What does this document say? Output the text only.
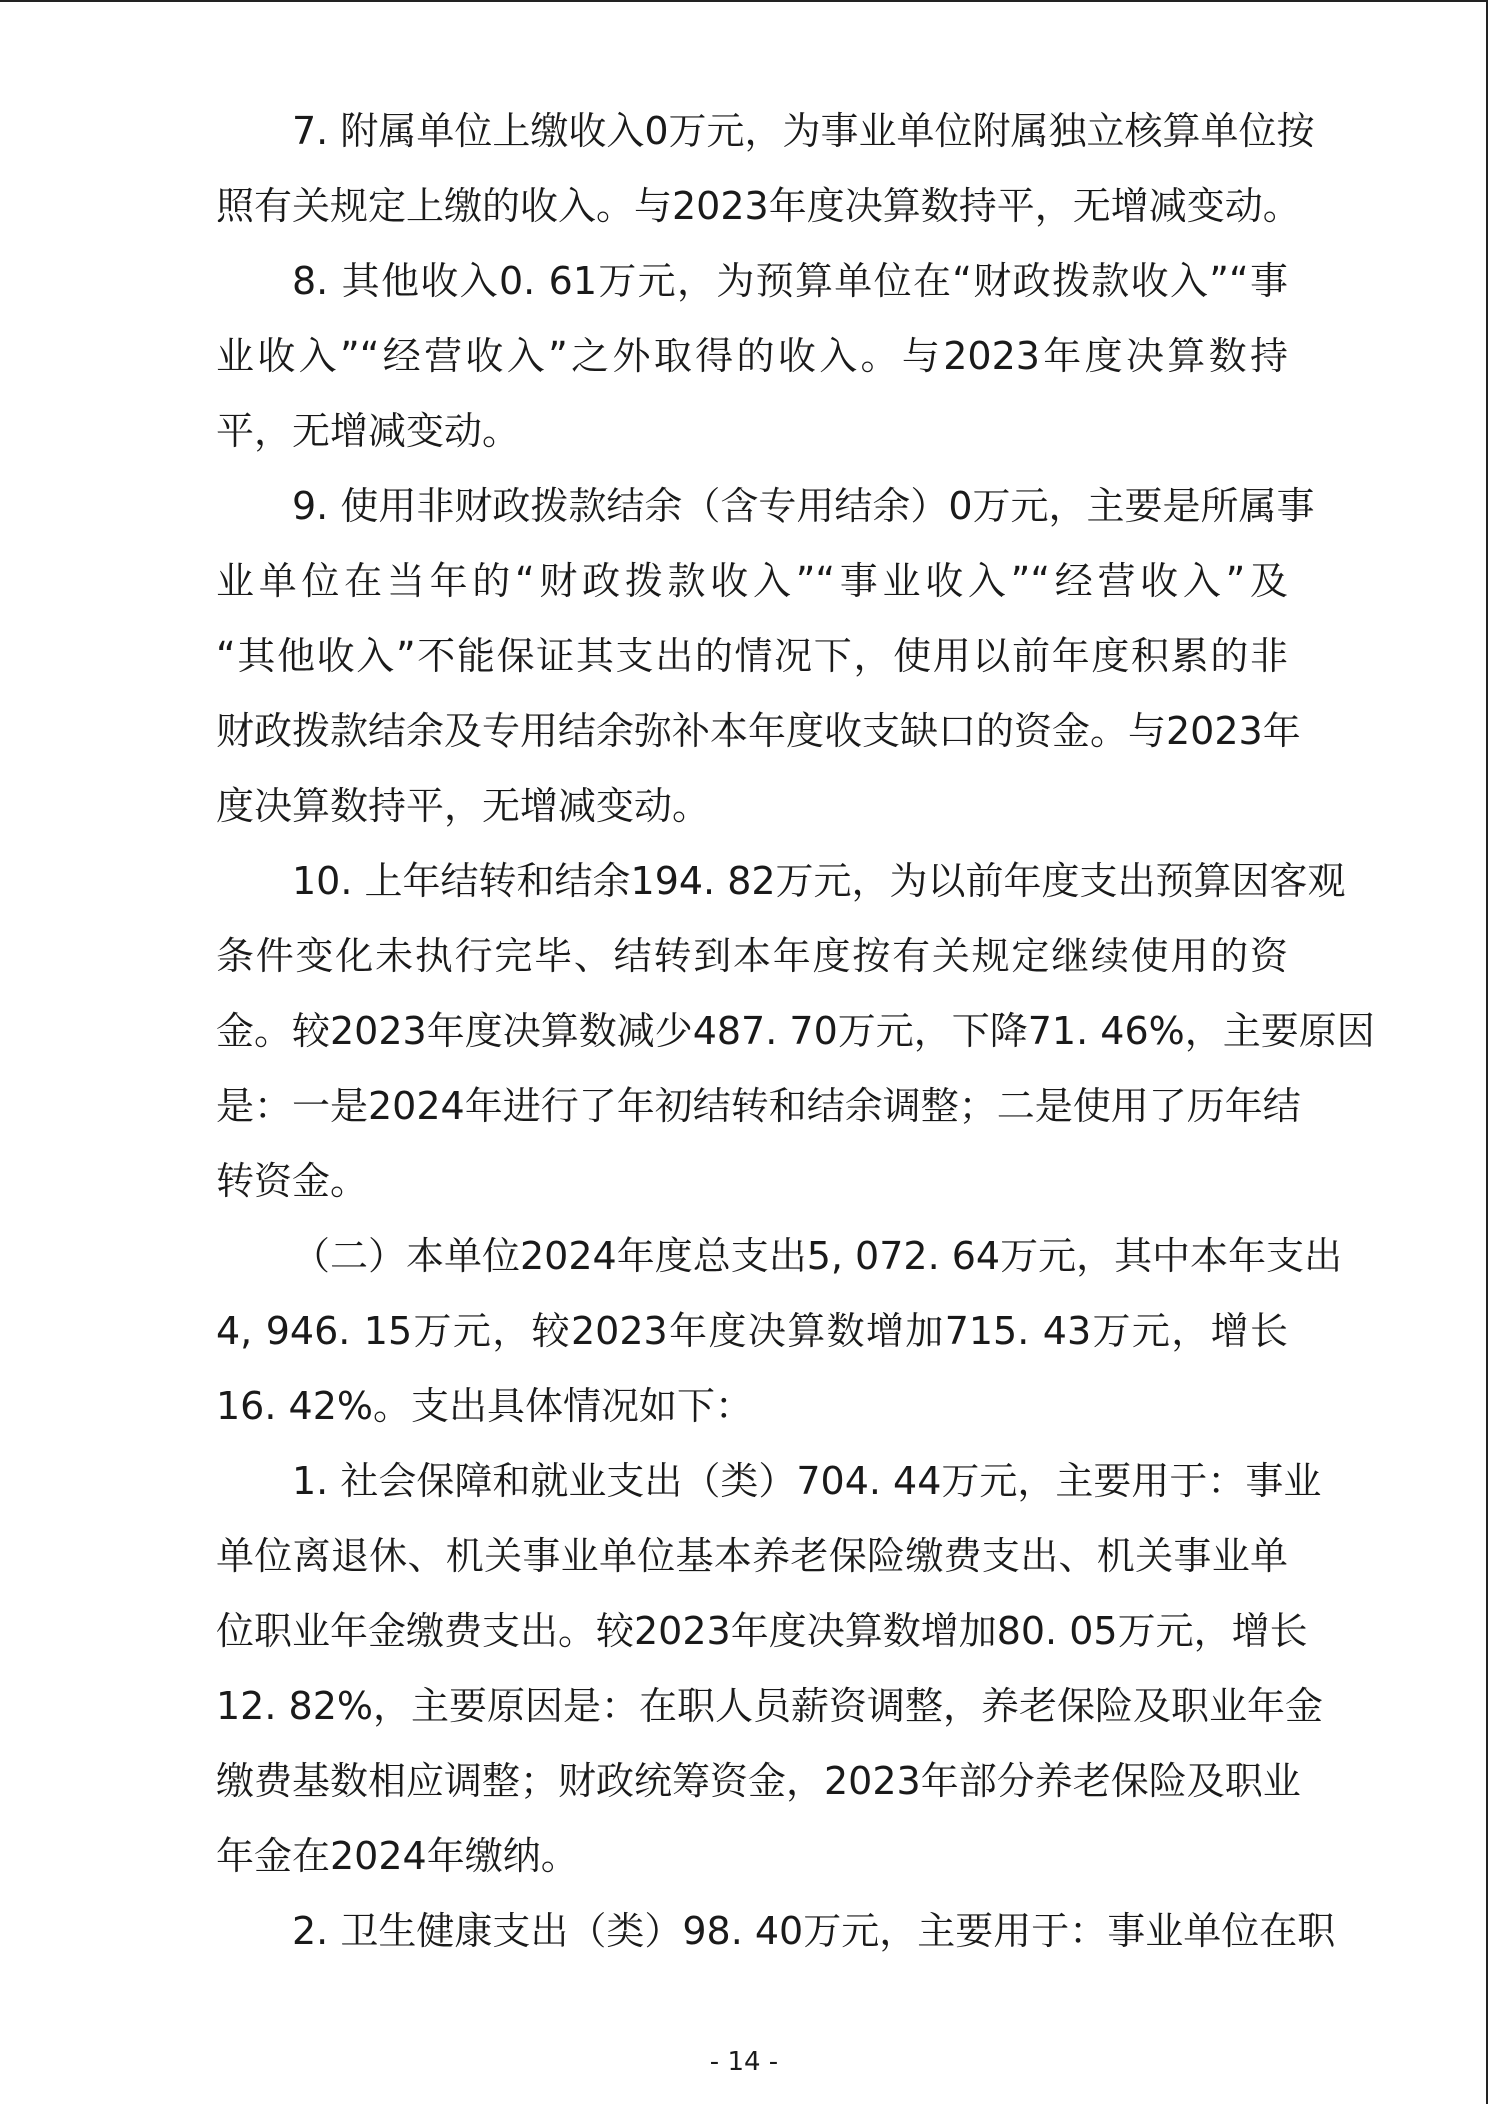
7. 附属单位上缴收入0万元，为事业单位附属独立核算单位按
照有关规定上缴的收入。与2023年度决算数持平，无增减变动。
8. 其他收入0. 61万元，为预算单位在“财政拨款收入”“事
业收入”“经营收入”之外取得的收入。与2023年度决算数持
平，无增减变动。
9. 使用非财政拨款结余（含专用结余）0万元，主要是所属事
业单位在当年的“财政拨款收入”“事业收入”“经营收入”及
“其他收入”不能保证其支出的情况下，使用以前年度积累的非
财政拨款结余及专用结余弥补本年度收支缺口的资金。与2023年
度决算数持平，无增减变动。
10. 上年结转和结余194. 82万元，为以前年度支出预算因客观
条件变化未执行完毕、结转到本年度按有关规定继续使用的资
金。较2023年度决算数减少487. 70万元，下降71. 46%，主要原因
是：一是2024年进行了年初结转和结余调整；二是使用了历年结
转资金。
（二）本单位2024年度总支出5, 072. 64万元，其中本年支出
4, 946. 15万元，较2023年度决算数增加715. 43万元，增长
16. 42%。支出具体情况如下：
1. 社会保障和就业支出（类）704. 44万元，主要用于：事业
单位离退休、机关事业单位基本养老保险缴费支出、机关事业单
位职业年金缴费支出。较2023年度决算数增加80. 05万元，增长
12. 82%，主要原因是：在职人员薪资调整，养老保险及职业年金
缴费基数相应调整；财政统筹资金，2023年部分养老保险及职业
年金在2024年缴纳。
2. 卫生健康支出（类）98. 40万元，主要用于：事业单位在职
- 14 -
